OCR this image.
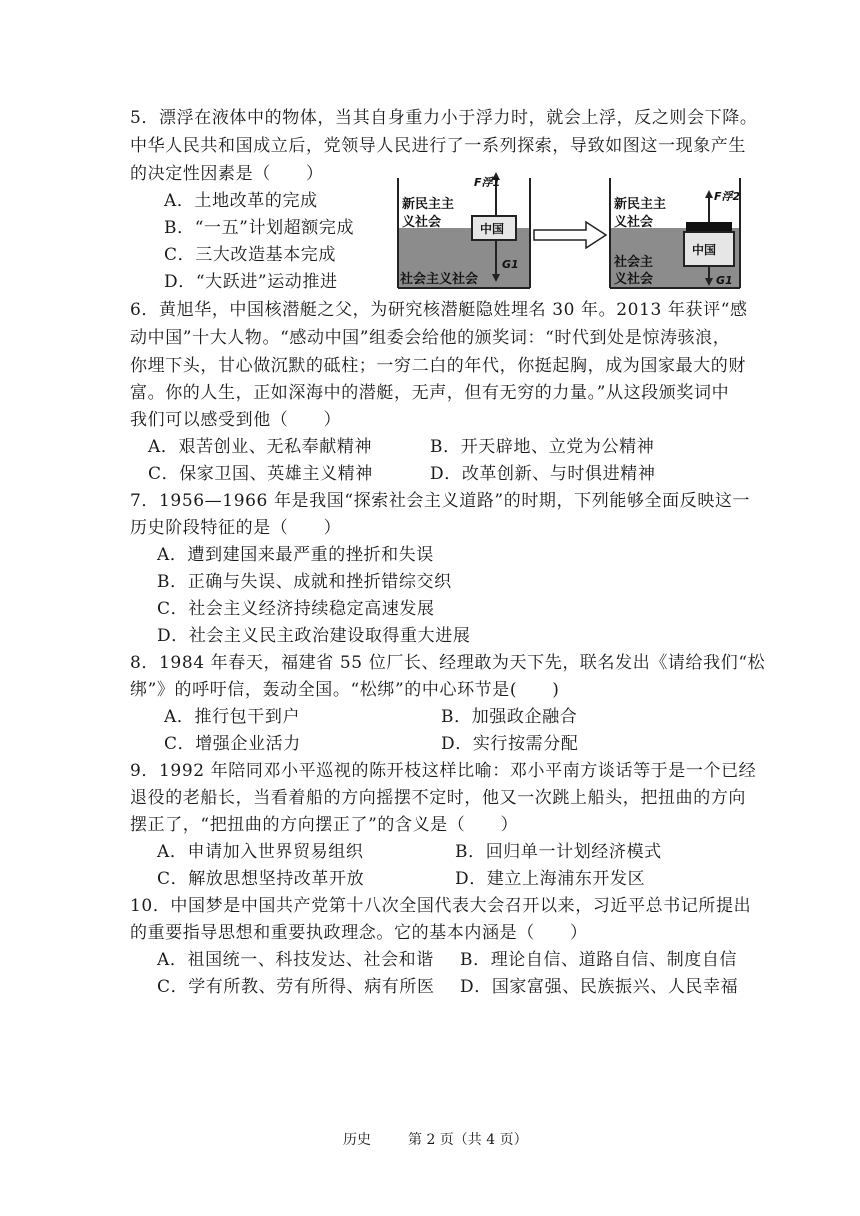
5．漂浮在液体中的物体，当其自身重力小于浮力时，就会上浮，反之则会下降。
中华人民共和国成立后，党领导人民进行了一系列探索，导致如图这一现象产生
的决定性因素是（　　）
A．土地改革的完成
B．“一五”计划超额完成
C．三大改造基本完成
D．“大跃进”运动推进
新民主主
义社会	中国
社会主义社会
F浮1
G1
新民主主
义社会
中国
社会主
义社会
F浮2
G1
6．黄旭华，中国核潜艇之父，为研究核潜艇隐姓埋名 30 年。2013 年获评“感
动中国”十大人物。“感动中国”组委会给他的颁奖词：“时代到处是惊涛骇浪，
你埋下头，甘心做沉默的砥柱；一穷二白的年代，你挺起胸，成为国家最大的财
富。你的人生，正如深海中的潜艇，无声，但有无穷的力量。”从这段颁奖词中
我们可以感受到他（　　）
A．艰苦创业、无私奉献精神	B．开天辟地、立党为公精神
C．保家卫国、英雄主义精神	D．改革创新、与时俱进精神
7．1956—1966 年是我国“探索社会主义道路”的时期，下列能够全面反映这一
历史阶段特征的是（　　）
A．遭到建国来最严重的挫折和失误
B．正确与失误、成就和挫折错综交织
C．社会主义经济持续稳定高速发展
D．社会主义民主政治建设取得重大进展
8．1984 年春天，福建省 55 位厂长、经理敢为天下先，联名发出《请给我们“松
绑”》的呼吁信，轰动全国。“松绑”的中心环节是(　　)
A．推行包干到户	B．加强政企融合
C．增强企业活力	D．实行按需分配
9．1992 年陪同邓小平巡视的陈开枝这样比喻：邓小平南方谈话等于是一个已经
退役的老船长，当看着船的方向摇摆不定时，他又一次跳上船头，把扭曲的方向
摆正了，“把扭曲的方向摆正了”的含义是（　　）
A．申请加入世界贸易组织	B．回归单一计划经济模式
C．解放思想坚持改革开放	D．建立上海浦东开发区
10．中国梦是中国共产党第十八次全国代表大会召开以来，习近平总书记所提出
的重要指导思想和重要执政理念。它的基本内涵是（　　）
A．祖国统一、科技发达、社会和谐 B．理论自信、道路自信、制度自信
C．学有所教、劳有所得、病有所医 D．国家富强、民族振兴、人民幸福
历史	第 2 页（共 4 页）
